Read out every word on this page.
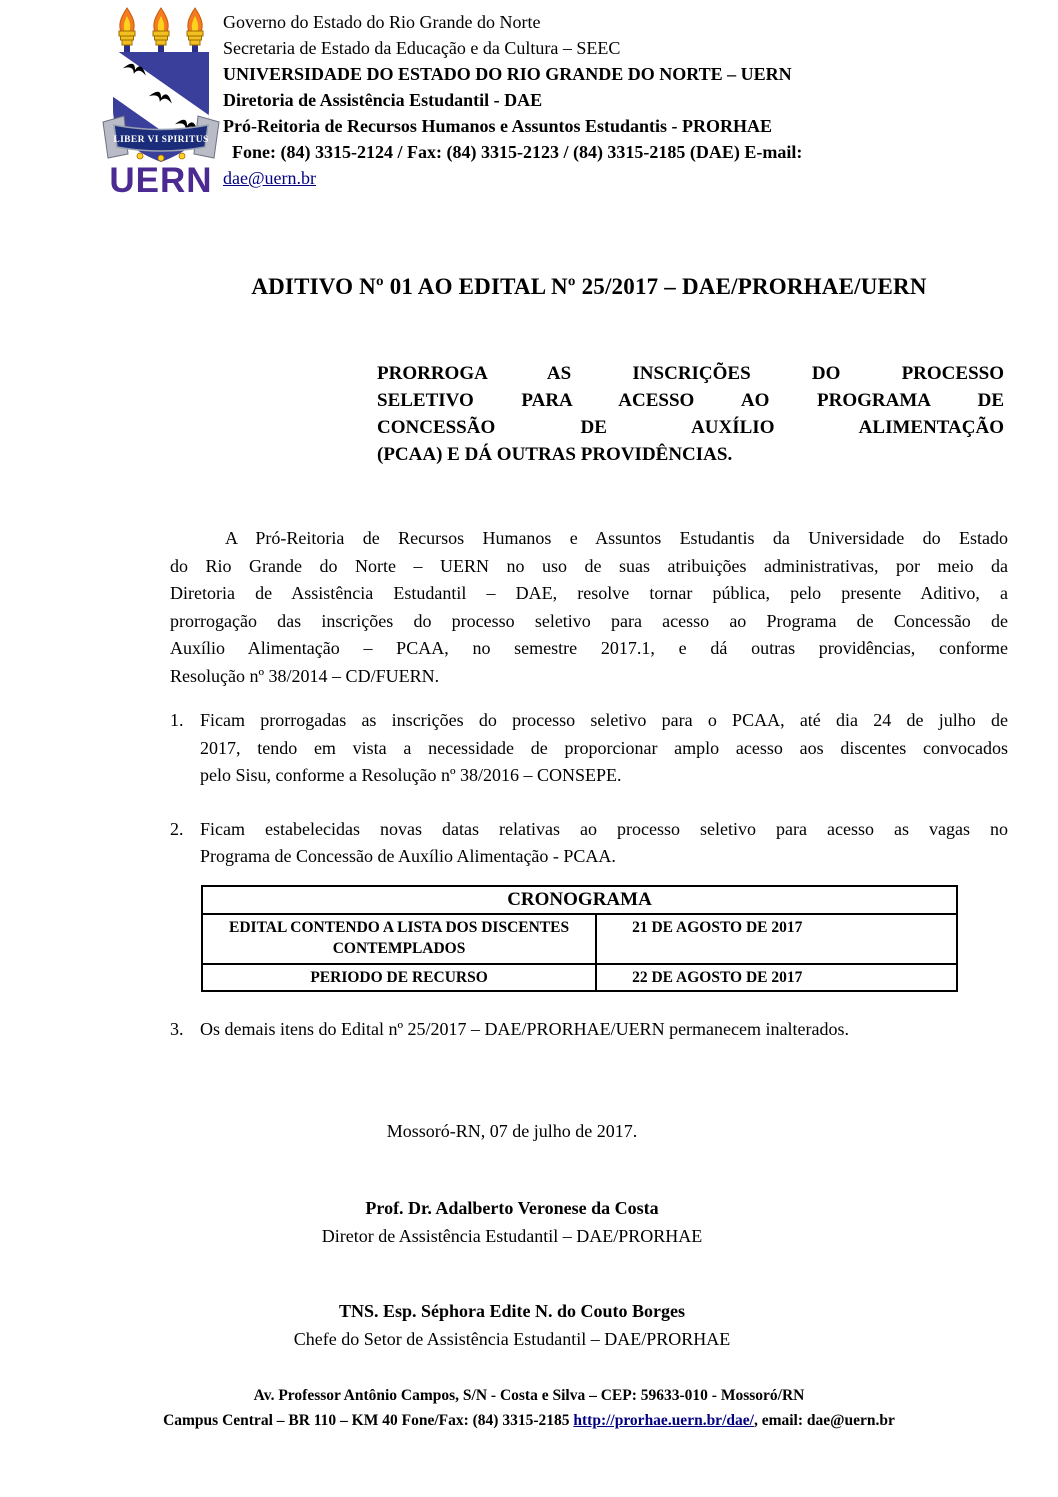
LIBER VI SPIRITUS
UERN
Governo do Estado do Rio Grande do Norte
Secretaria de Estado da Educação e da Cultura – SEEC
UNIVERSIDADE DO ESTADO DO RIO GRANDE DO NORTE – UERN
Diretoria de Assistência Estudantil - DAE
Pró-Reitoria de Recursos Humanos e Assuntos Estudantis - PRORHAE
Fone: (84) 3315-2124 / Fax: (84) 3315-2123 / (84) 3315-2185 (DAE) E-mail:
dae@uern.br
ADITIVO Nº 01 AO EDITAL Nº 25/2017 – DAE/PRORHAE/UERN
PRORROGA AS INSCRIÇÕES DO PROCESSO
SELETIVO PARA ACESSO AO PROGRAMA DE
CONCESSÃO DE AUXÍLIO ALIMENTAÇÃO
(PCAA) E DÁ OUTRAS PROVIDÊNCIAS.
A Pró-Reitoria de Recursos Humanos e Assuntos Estudantis da Universidade do Estado
do Rio Grande do Norte – UERN no uso de suas atribuições administrativas, por meio da
Diretoria de Assistência Estudantil – DAE, resolve tornar pública, pelo presente Aditivo, a
prorrogação das inscrições do processo seletivo para acesso ao Programa de Concessão de
Auxílio Alimentação – PCAA, no semestre 2017.1, e dá outras providências, conforme
Resolução nº 38/2014 – CD/FUERN.
1. Ficam prorrogadas as inscrições do processo seletivo para o PCAA, até dia 24 de julho de
2017, tendo em vista a necessidade de proporcionar amplo acesso aos discentes convocados
pelo Sisu, conforme a Resolução nº 38/2016 – CONSEPE.
2. Ficam estabelecidas novas datas relativas ao processo seletivo para acesso as vagas no
Programa de Concessão de Auxílio Alimentação - PCAA.
CRONOGRAMA	
EDITAL CONTENDO A LISTA DOS DISCENTES CONTEMPLADOS	21 DE AGOSTO DE 2017
PERIODO DE RECURSO	22 DE AGOSTO DE 2017
3. Os demais itens do Edital nº 25/2017 – DAE/PRORHAE/UERN permanecem inalterados.
Mossoró-RN, 07 de julho de 2017.
Prof. Dr. Adalberto Veronese da Costa
Diretor de Assistência Estudantil – DAE/PRORHAE
TNS. Esp. Séphora Edite N. do Couto Borges
Chefe do Setor de Assistência Estudantil – DAE/PRORHAE
Av. Professor Antônio Campos, S/N - Costa e Silva – CEP: 59633-010 - Mossoró/RN
Campus Central – BR 110 – KM 40 Fone/Fax: (84) 3315-2185 http://prorhae.uern.br/dae/, email: dae@uern.br
